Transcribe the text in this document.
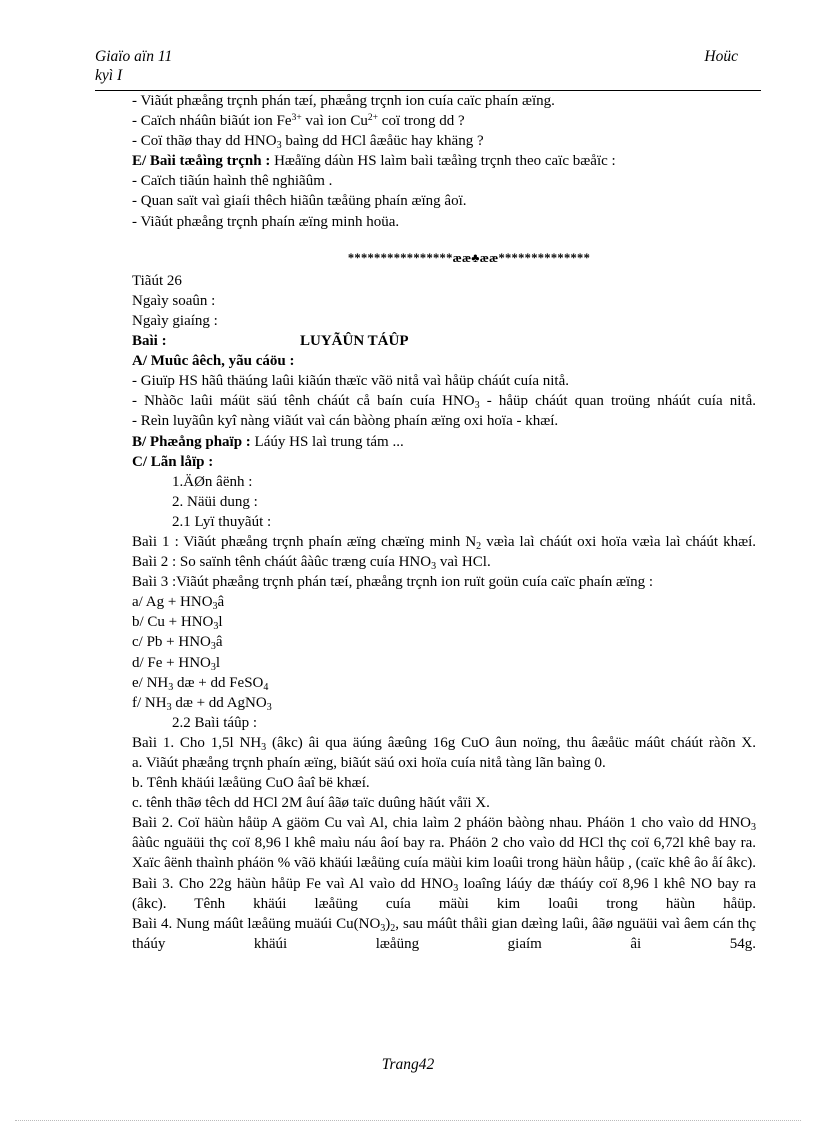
Giaïo aïn 11	Hoüc
kyì I
- Viãút phæång trçnh phán tæí, phæång trçnh ion cuía caïc phaín æïng.
- Caïch nháûn biãút ion $Fe^{3+}$ vaì ion $Cu^{2+}$ coï trong dd ?
- Coï thãø thay dd $HNO_3$ baìng dd HCl âæåüc hay khäng ?
E/ Baìi tæåìng trçnh : Hæåïng dáùn HS laìm baìi tæåìng trçnh theo caïc bæåïc :
- Caïch tiãún haình thê nghiãûm .
- Quan saït vaì giaíi thêch hiãûn tæåüng phaín æïng âoï.
- Viãút phæång trçnh phaín æïng minh hoüa.
****************ææ♣ææ**************
Tiãút 26
Ngaìy soaûn :
Ngaìy giaíng :
Baìi :	LUYÃÛN TÁÛP
A/ Muûc âêch, yãu cáöu :
- Giuïp HS hãû thäúng laûi kiãún thæïc vãö nitå vaì håüp cháút cuía nitå.
- Nhàõc laûi máüt säú tênh cháút cå baín cuía $HNO_3$ - håüp cháút quan troüng nháút cuía nitå.
- Reìn luyãûn kyî nàng viãút vaì cán bàòng phaín æïng oxi hoïa - khæí.
B/ Phæång phaïp : Láúy HS laì trung tám ...
C/ Lãn låïp :
1.ÄØn âënh :
2. Näüi dung :
2.1 Lyï thuyãút :
Baìi 1 : Viãút phæång trçnh phaín æïng chæïng minh $N_2$ væìa laì cháút oxi hoïa væìa laì cháút khæí.
Baìi 2 : So saïnh tênh cháút âàûc træng cuía $HNO_3$ vaì HCl.
Baìi 3 :Viãút phæång trçnh phán tæí, phæång trçnh ion ruït goün cuía caïc phaín æïng :
a/ $Ag + HNO_3â$
b/ $Cu + HNO_3l$
c/ $Pb + HNO_3â$
d/ $Fe + HNO_3l$
e/ $NH_3$ dæ + dd FeSO$_4$
f/ $NH_3$ dæ + dd AgNO$_3$
2.2 Baìi táûp :
Baìi 1. Cho 1,5l $NH_3$ (âkc) âi qua äúng âæûng 16g CuO âun noïng, thu âæåüc máût cháút ràõn X.
a. Viãút phæång trçnh phaín æïng, biãút säú oxi hoïa cuía nitå tàng lãn baìng 0.
b. Tênh khäúi læåüng CuO âaî bë khæí.
c. tênh thãø têch dd HCl 2M âuí âãø taïc duûng hãút våïi X.
Baìi 2. Coï häùn håüp A gäöm Cu vaì Al, chia laìm 2 pháön bàòng nhau. Pháön 1 cho vaìo dd $HNO_3$ âàûc nguäüi thç coï 8,96 l khê maìu náu âoí bay ra. Pháön 2 cho vaìo dd HCl thç coï 6,72l khê bay ra. Xaïc âënh thaình pháön % vãö khäúi læåüng cuía mäùi kim loaûi trong häùn håüp , (caïc khê âo åí âkc).
Baìi 3. Cho 22g häùn håüp Fe vaì Al vaìo dd $HNO_3$ loaîng láúy dæ tháúy coï 8,96 l khê NO bay ra (âkc). Tênh khäúi læåüng cuía mäùi kim loaûi trong häùn håüp.
Baìi 4. Nung máût læåüng muäúi $Cu(NO_3)_2$, sau máût thåìi gian dæìng laûi, âãø nguäüi vaì âem cán thç tháúy khäúi læåüng giaím âi 54g.
Trang42
